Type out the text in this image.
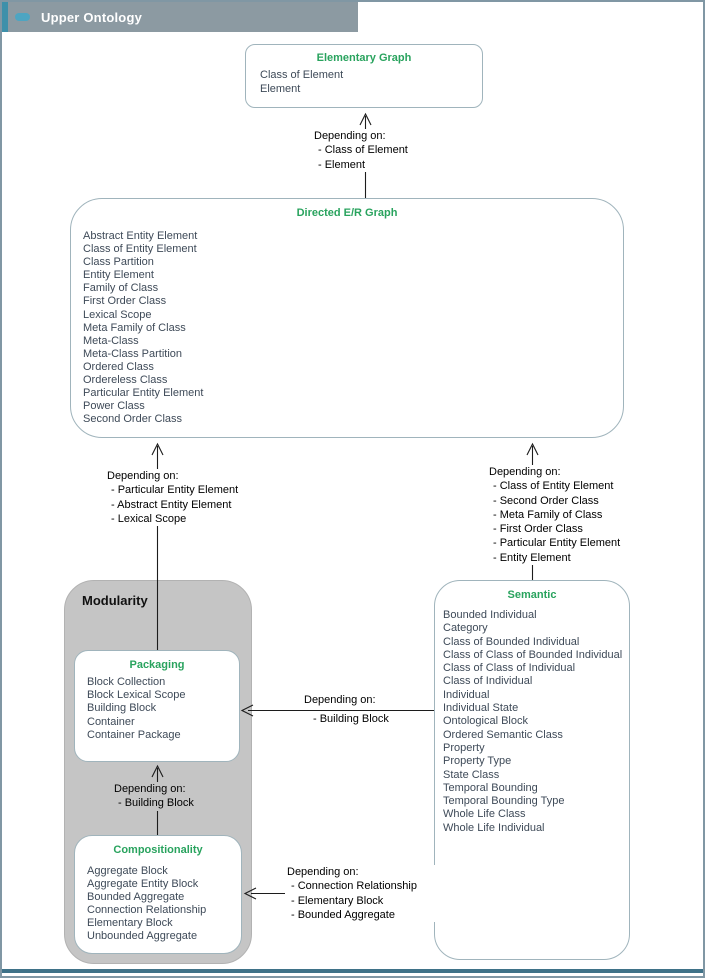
Upper Ontology
Modularity
Elementary Graph
Class of Element
Element
Directed E/R Graph
Abstract Entity Element
Class of Entity Element
Class Partition
Entity Element
Family of Class
First Order Class
Lexical Scope
Meta Family of Class
Meta-Class
Meta-Class Partition
Ordered Class
Ordereless Class
Particular Entity Element
Power Class
Second Order Class
Packaging
Block Collection
Block Lexical Scope
Building Block
Container
Container Package
Compositionality
Aggregate Block
Aggregate Entity Block
Bounded Aggregate
Connection Relationship
Elementary Block
Unbounded Aggregate
Semantic
Bounded Individual
Category
Class of Bounded Individual
Class of Class of Bounded Individual
Class of Class of Individual
Class of Individual
Individual
Individual State
Ontological Block
Ordered Semantic Class
Property
Property Type
State Class
Temporal Bounding
Temporal Bounding Type
Whole Life Class
Whole Life Individual
Depending on:
- Class of Element
- Element
Depending on:
- Particular Entity Element
- Abstract Entity Element
- Lexical Scope
Depending on:
- Class of Entity Element
- Second Order Class
- Meta Family of Class
- First Order Class
- Particular Entity Element
- Entity Element
Depending on:
- Building Block
Depending on:
- Building Block
Depending on:
- Connection Relationship
- Elementary Block
- Bounded Aggregate
